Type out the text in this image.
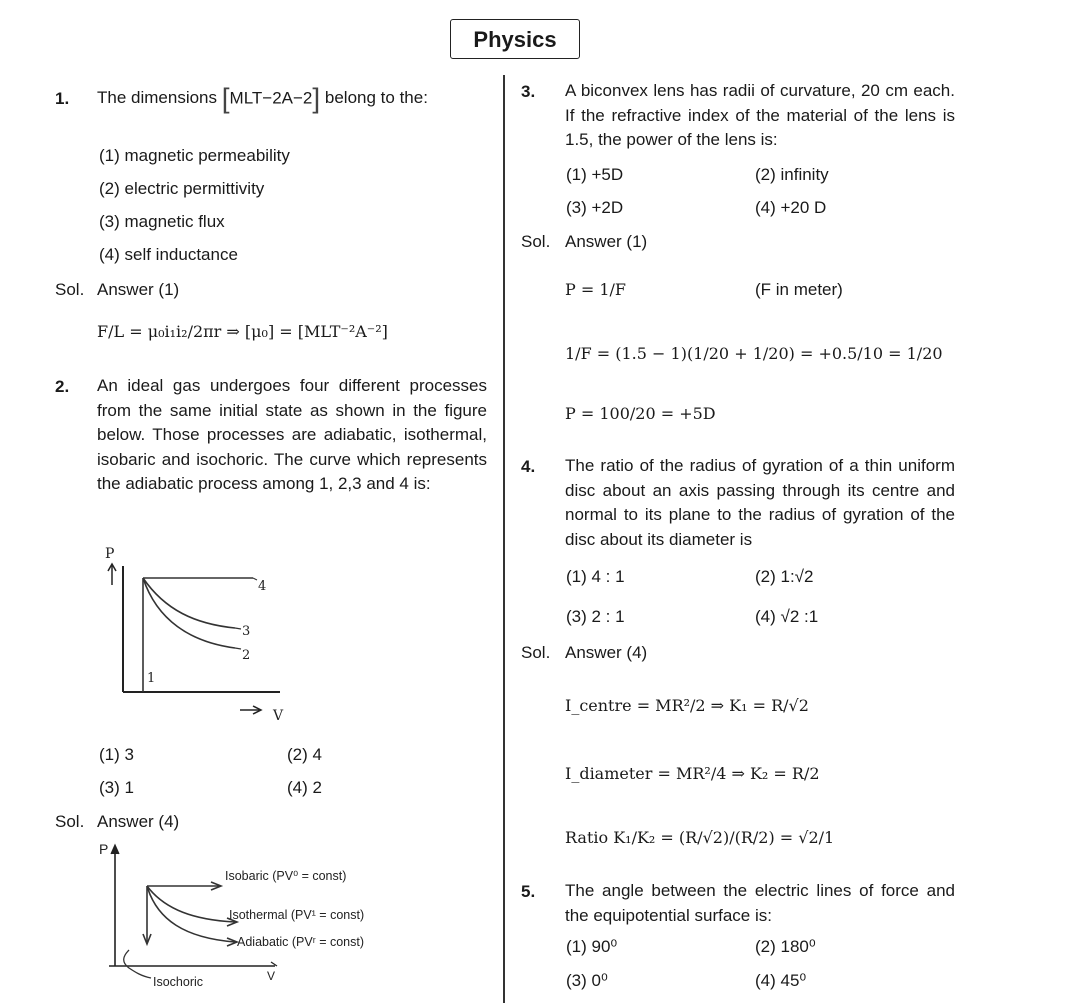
Physics
1. The dimensions [MLT−2A−2] belong to the:
(1) magnetic permeability
(2) electric permittivity
(3) magnetic flux
(4) self inductance
Sol. Answer (1)
F/L = μ₀i₁i₂/2πr ⇒ [μ₀] = [MLT⁻²A⁻²]
2. An ideal gas undergoes four different processes from the same initial state as shown in the figure below. Those processes are adiabatic, isothermal, isobaric and isochoric. The curve which represents the adiabatic process among 1, 2,3 and 4 is:
P
V
1
2
3
4
(1) 3	(2) 4
(3) 1	(4) 2
Sol. Answer (4)
P
V
Isobaric (PV⁰ = const)
Isothermal (PV¹ = const)
Adiabatic (PVʳ = const)
Isochoric
3. A biconvex lens has radii of curvature, 20 cm each. If the refractive index of the material of the lens is 1.5, the power of the lens is:
(1) +5D	(2) infinity
(3) +2D	(4) +20 D
Sol. Answer (1)
P = 1/F	(F in meter)
1/F = (1.5 − 1)(1/20 + 1/20) = +0.5/10 = 1/20
P = 100/20 = +5D
4. The ratio of the radius of gyration of a thin uniform disc about an axis passing through its centre and normal to its plane to the radius of gyration of the disc about its diameter is
(1) 4 : 1	(2) 1:√2
(3) 2 : 1	(4) √2 :1
Sol. Answer (4)
I_centre = MR²/2 ⇒ K₁ = R/√2
I_diameter = MR²/4 ⇒ K₂ = R/2
Ratio K₁/K₂ = (R/√2)/(R/2) = √2/1
5. The angle between the electric lines of force and the equipotential surface is:
(1) 90⁰	(2) 180⁰
(3) 0⁰	(4) 45⁰
